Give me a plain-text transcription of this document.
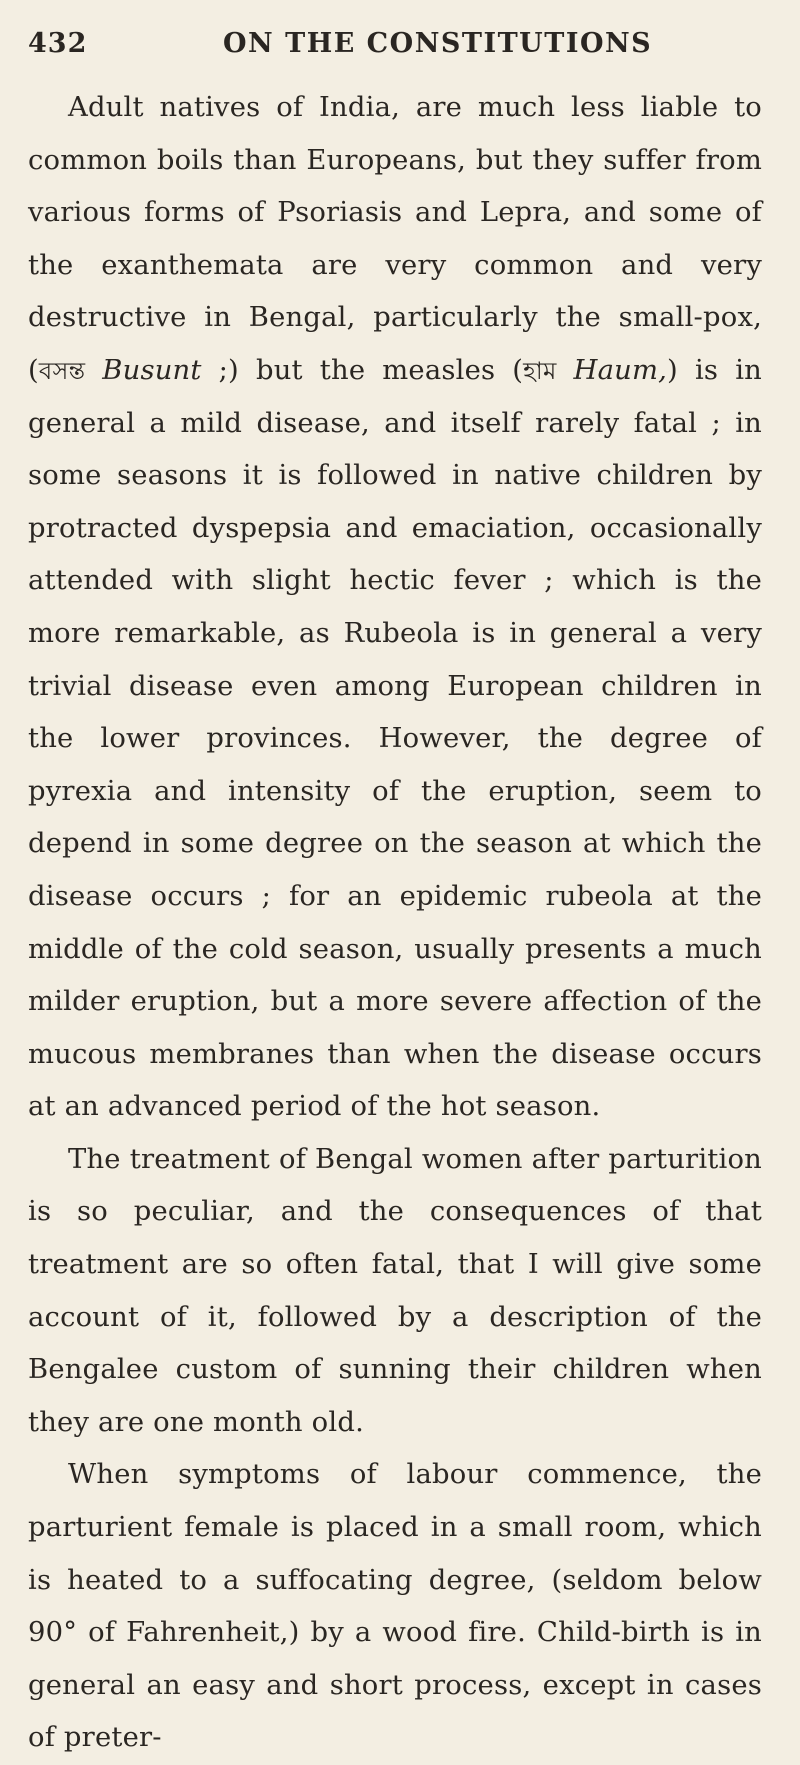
432	ON THE CONSTITUTIONS

Adult natives of India, are much less liable to common boils than Europeans, but they suffer from various forms of Psoriasis and Lepra, and some of the exanthemata are very common and very destructive in Bengal, particularly the small-pox, (বসন্ত Busunt ;) but the measles (হাম Haum,) is in general a mild disease, and itself rarely fatal ; in some seasons it is followed in native children by protracted dyspepsia and emaciation, occasionally attended with slight hectic fever ; which is the more remarkable, as Rubeola is in general a very trivial disease even among European children in the lower provinces. However, the degree of pyrexia and intensity of the eruption, seem to depend in some degree on the season at which the disease occurs ; for an epidemic rubeola at the middle of the cold season, usually presents a much milder eruption, but a more severe affection of the mucous membranes than when the disease occurs at an advanced period of the hot season.

The treatment of Bengal women after parturition is so peculiar, and the consequences of that treatment are so often fatal, that I will give some account of it, followed by a description of the Bengalee custom of sunning their children when they are one month old.

When symptoms of labour commence, the parturient female is placed in a small room, which is heated to a suffocating degree, (seldom below 90° of Fahrenheit,) by a wood fire. Child-birth is in general an easy and short process, except in cases of preter-
